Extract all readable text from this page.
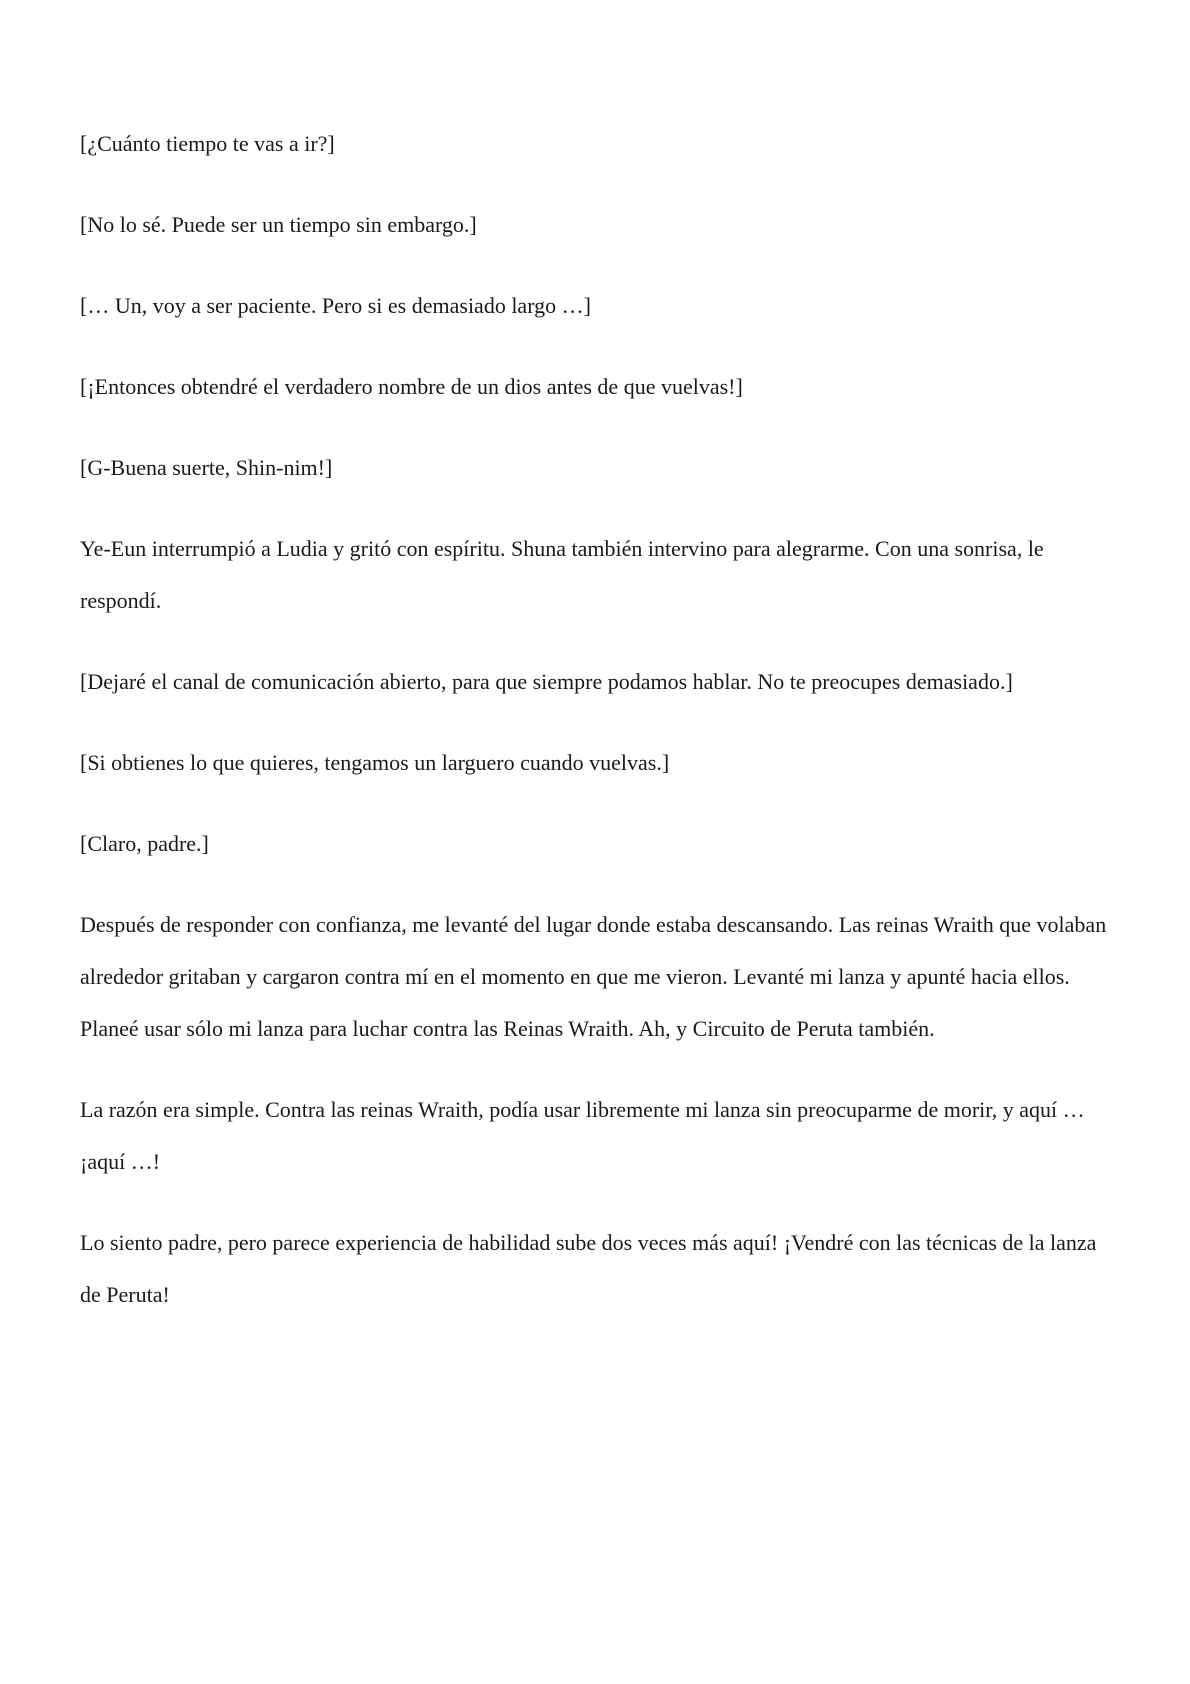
[¿Cuánto tiempo te vas a ir?]

[No lo sé. Puede ser un tiempo sin embargo.]

[… Un, voy a ser paciente. Pero si es demasiado largo …]

[¡Entonces obtendré el verdadero nombre de un dios antes de que vuelvas!]

[G-Buena suerte, Shin-nim!]

Ye-Eun interrumpió a Ludia y gritó con espíritu. Shuna también intervino para alegrarme. Con una sonrisa, le respondí.

[Dejaré el canal de comunicación abierto, para que siempre podamos hablar. No te preocupes demasiado.]

[Si obtienes lo que quieres, tengamos un larguero cuando vuelvas.]

[Claro, padre.]

Después de responder con confianza, me levanté del lugar donde estaba descansando. Las reinas Wraith que volaban alrededor gritaban y cargaron contra mí en el momento en que me vieron. Levanté mi lanza y apunté hacia ellos. Planeé usar sólo mi lanza para luchar contra las Reinas Wraith. Ah, y Circuito de Peruta también.

La razón era simple. Contra las reinas Wraith, podía usar libremente mi lanza sin preocuparme de morir, y aquí … ¡aquí …!

Lo siento padre, pero parece experiencia de habilidad sube dos veces más aquí! ¡Vendré con las técnicas de la lanza de Peruta!
